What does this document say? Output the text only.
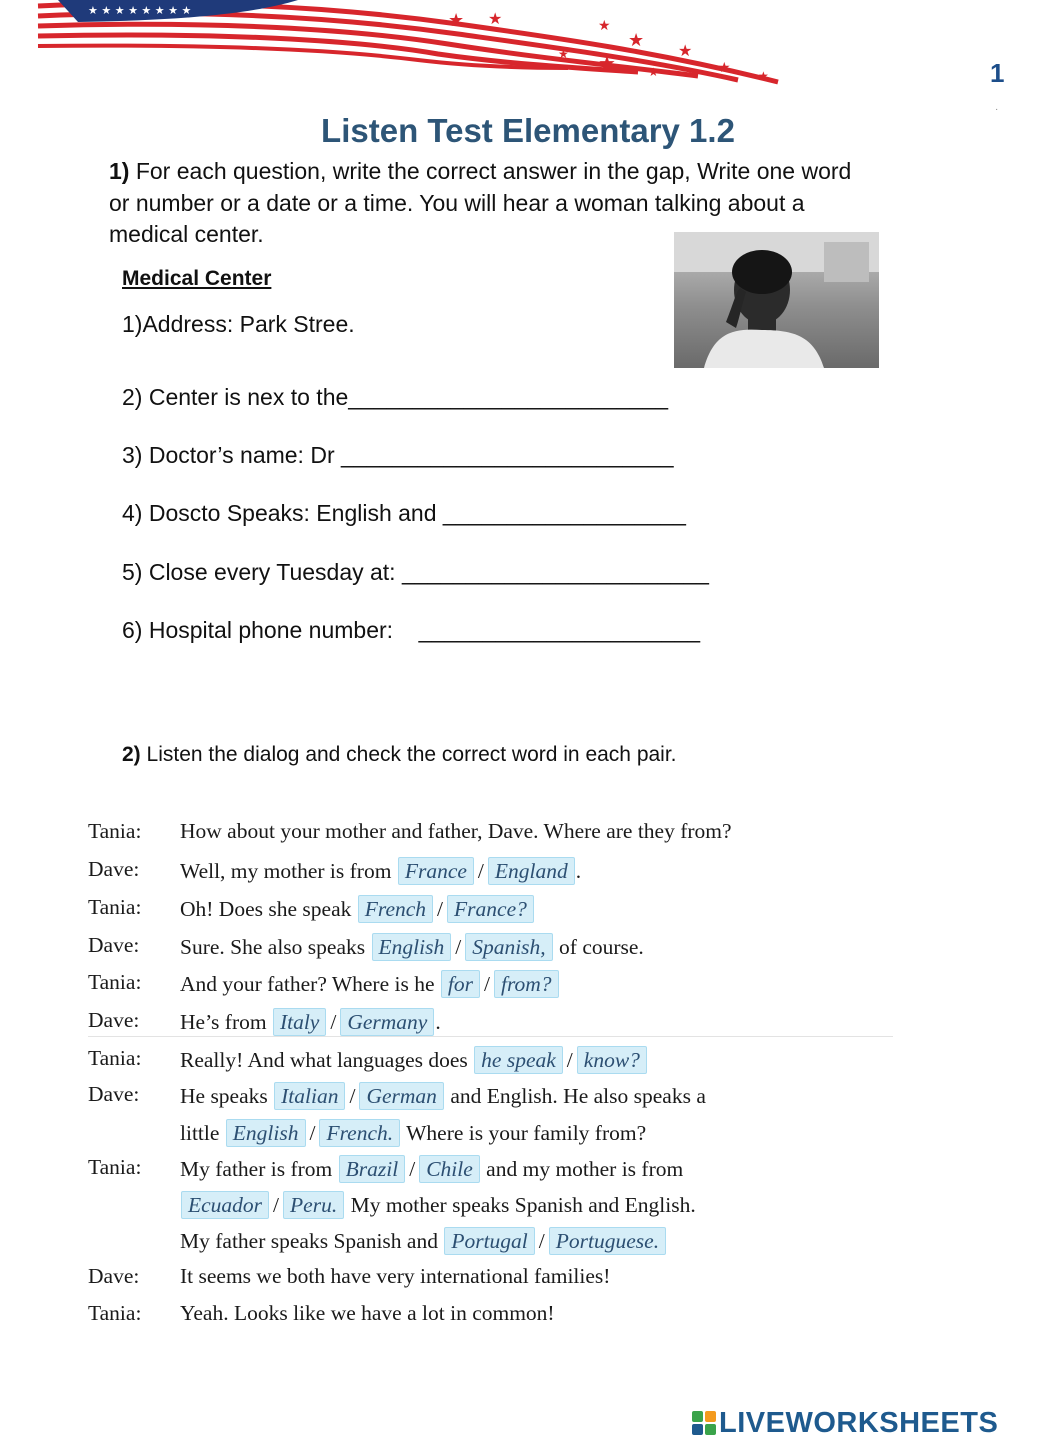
★ ★ ★ ★ ★ ★ ★ ★	★ ★	★
★ ★
★
★
★ ★
★	1
·
Listen Test Elementary 1.2
1) For each question, write the correct answer in the gap, Write one word or number or a date or a time. You will hear a woman talking about a medical center.
Medical Center
1)Address: Park Stree.
2) Center is nex to the_________________________
3) Doctor’s name: Dr __________________________
4) Doscto Speaks: English and ___________________
5) Close every Tuesday at: ________________________
6) Hospital phone number:    ______________________
2) Listen the dialog and check the correct word in each pair.
Tania:	How about your mother and father, Dave. Where are they from?
Dave:	Well, my mother is from France / England .
Tania:	Oh! Does she speak French / France?
Dave:	Sure. She also speaks English / Spanish, of course.
Tania:	And your father? Where is he for / from?
Dave:	He’s from Italy / Germany .
Tania:	Really! And what languages does he speak / know?
Dave:	He speaks Italian / German and English. He also speaks a
little English / French. Where is your family from?
Tania:	My father is from Brazil / Chile and my mother is from
Ecuador / Peru. My mother speaks Spanish and English.
My father speaks Spanish and Portugal / Portuguese.
Dave:	It seems we both have very international families!
Tania:	Yeah. Looks like we have a lot in common!
LIVEWORKSHEETS
